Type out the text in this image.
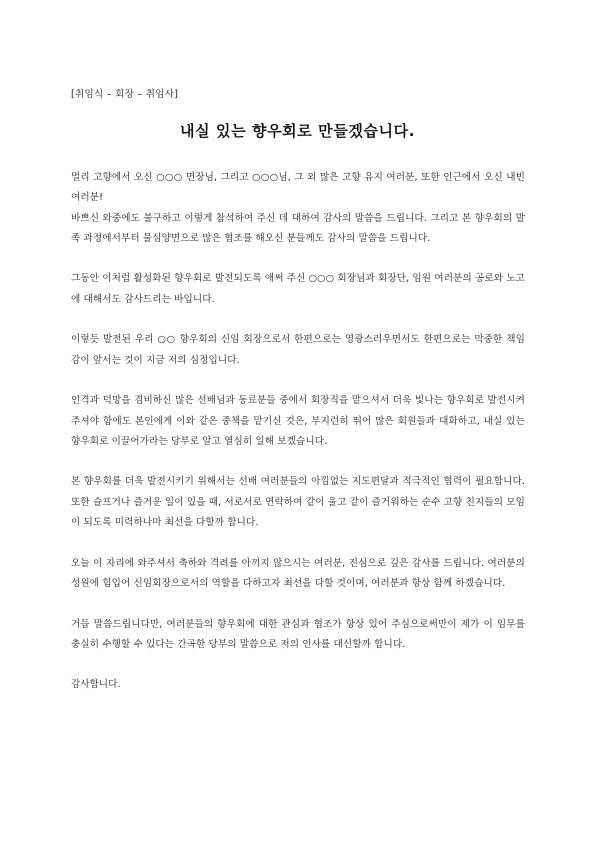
[취임식 – 회장 – 취임사]
내실 있는 향우회로 만들겠습니다.

멀리 고향에서 오신 ○○○ 면장님, 그리고 ○○○님, 그 외 많은 고향 유지 여러분, 또한 인근에서 오신 내빈 여러분!

바쁘신 와중에도 불구하고 이렇게 참석하여 주신 데 대하여 감사의 말씀을 드립니다. 그리고 본 향우회의 발족 과정에서부터 물심양면으로 많은 협조를 해오신 분들께도 감사의 말씀을 드립니다.

그동안 이처럼 활성화된 향우회로 발전되도록 애써 주신 ○○○ 회장님과 회장단, 임원 여러분의 공로와 노고에 대해서도 감사드리는 바입니다.

이렇듯 발전된 우리 ○○ 향우회의 신임 회장으로서 한편으로는 영광스러우면서도 한편으로는 막중한 책임감이 앞서는 것이 지금 저의 심정입니다.

인격과 덕망을 겸비하신 많은 선배님과 동료분들 중에서 회장직을 맡으셔서 더욱 빛나는 향우회로 발전시켜 주셔야 함에도 본인에게 이와 같은 중책을 맡기신 것은, 부지런히 뛰어 많은 회원들과 대화하고, 내실 있는 향우회로 이끌어가라는 당부로 알고 열심히 일해 보겠습니다.

본 향우회를 더욱 발전시키기 위해서는 선배 여러분들의 아낌없는 지도편달과 적극적인 협력이 필요합니다. 또한 슬프거나 즐거운 일이 있을 때, 서로서로 연락하여 같이 울고 같이 즐거워하는 순수 고향 친지들의 모임이 되도록 미력하나마 최선을 다할까 합니다.

오늘 이 자리에 와주셔서 축하와 격려를 아끼지 않으시는 여러분, 진심으로 깊은 감사를 드립니다. 여러분의 성원에 힘입어 신임회장으로서의 역할을 다하고자 최선을 다할 것이며, 여러분과 항상 함께 하겠습니다.

거듭 말씀드립니다만, 여러분들의 향우회에 대한 관심과 협조가 항상 있어 주심으로써만이 제가 이 임무를 충실히 수행할 수 있다는 간곡한 당부의 말씀으로 저의 인사를 대신할까 합니다.

감사합니다.
